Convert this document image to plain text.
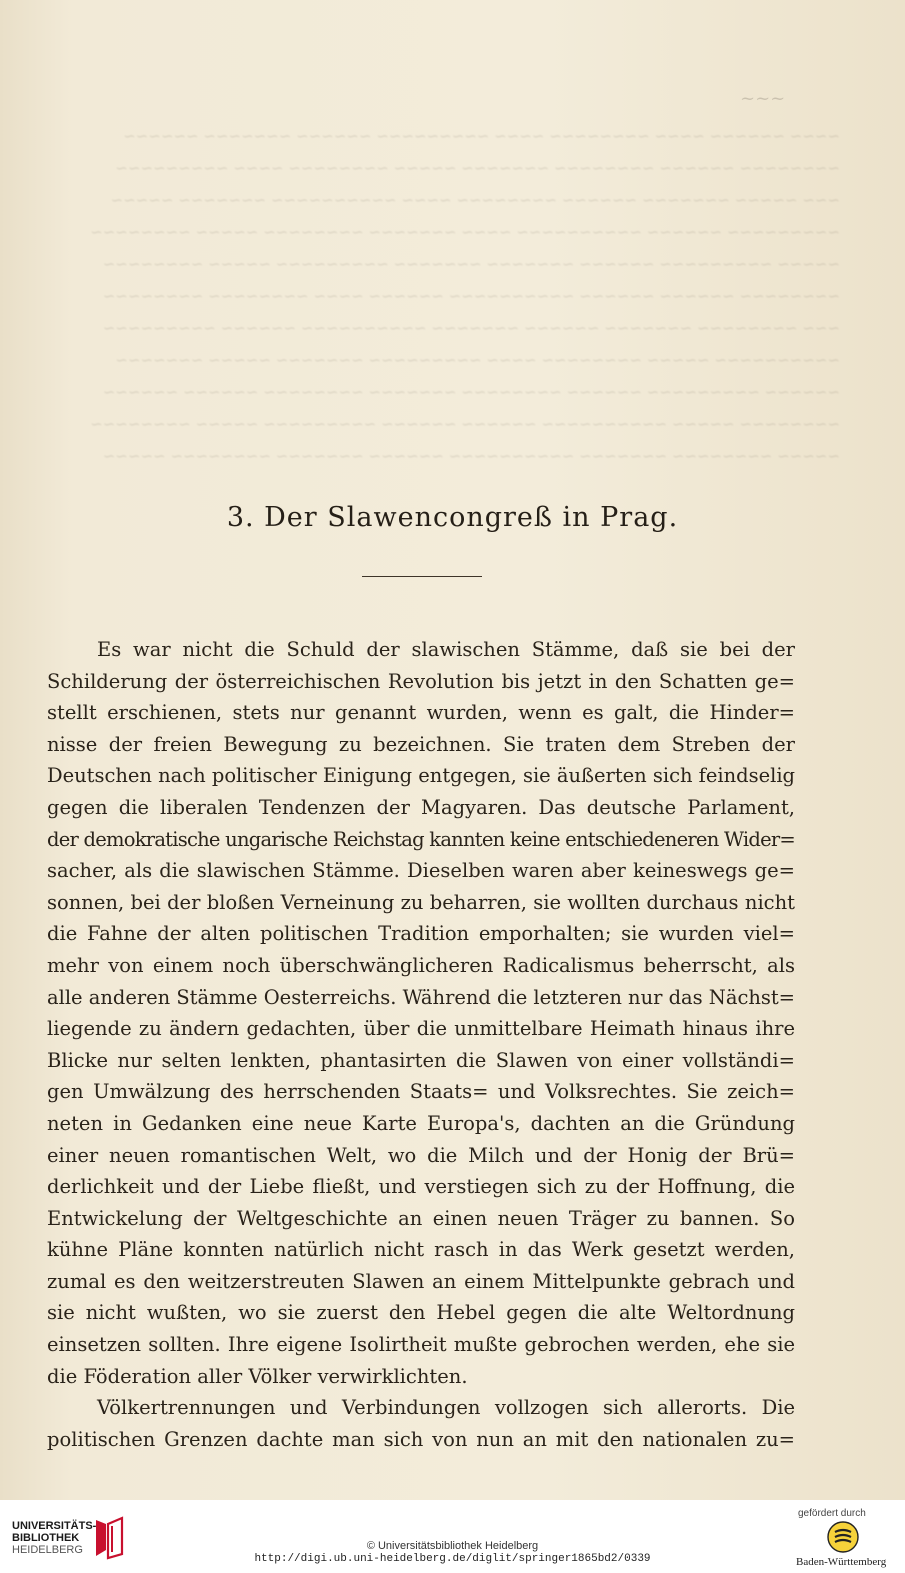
~~~~ ~~~~~~ ~~~~ ~~~~~~~~ ~~~~ ~~~~~~~~~ ~~~~~~ ~~~~~~~ ~~~~~~
~~~~~~~~ ~~~~~~ ~~~~~~~~ ~~~~~~~ ~~~~~ ~~~~~~~~ ~~~~ ~~~~~~~~~
~~~ ~~~~~ ~~~~~~~ ~~~~~~ ~~~~~~~~ ~~~~ ~~~~~~~~~~ ~~~~~~~ ~~~~~
~~~~~~~~~ ~~~~~~ ~~~~~~~~~~ ~~~~ ~~~~~~~ ~~~~~~~~ ~~~~~ ~~~~~~~~
~~~~~ ~~~~~~~~~ ~~~~~~ ~~~~~~~ ~~~~~~~ ~~~~~~~~~ ~~~~~ ~~~~~~~~
~~~~~~~~ ~~~~~~ ~~~~~~ ~~~~~~~~~~ ~~~~~~ ~~~~ ~~~~~~~~ ~~~~~~~~
~~~ ~~~~~~~~ ~~~~~~~ ~~~~~~ ~~~~~~~ ~~~~~~~~~~ ~~~~~~ ~~~~~~~~~
~~~~~~~~~~ ~~~~~ ~~~~~~~~ ~~~~ ~~~~~~~~~ ~~~~~~~ ~~~~~ ~~~~~~~
~~~~~~ ~~~~~~~~~ ~~~~~~ ~~~~~~~~ ~~~~~~~ ~~~~~~~~ ~~~~~~ ~~~~~~
~~~~~~~~ ~~~~~ ~~~~~~~~~~ ~~~~~~ ~~~~~~ ~~~~~~~~~ ~~~~~ ~~~~~~~~
~~~~~ ~~~~~~~~ ~~~~~~~ ~~~~~~~~~~ ~~~~~~ ~~~~~~~ ~~~~~~~~ ~~~~~
~~~
3. Der Slawencongreß in Prag.
Es war nicht die Schuld der slawischen Stämme, daß sie bei der
Schilderung der österreichischen Revolution bis jetzt in den Schatten ge=
stellt erschienen, stets nur genannt wurden, wenn es galt, die Hinder=
nisse der freien Bewegung zu bezeichnen. Sie traten dem Streben der
Deutschen nach politischer Einigung entgegen, sie äußerten sich feindselig
gegen die liberalen Tendenzen der Magyaren. Das deutsche Parlament,
der demokratische ungarische Reichstag kannten keine entschiedeneren Wider=
sacher, als die slawischen Stämme. Dieselben waren aber keineswegs ge=
sonnen, bei der bloßen Verneinung zu beharren, sie wollten durchaus nicht
die Fahne der alten politischen Tradition emporhalten; sie wurden viel=
mehr von einem noch überschwänglicheren Radicalismus beherrscht, als
alle anderen Stämme Oesterreichs. Während die letzteren nur das Nächst=
liegende zu ändern gedachten, über die unmittelbare Heimath hinaus ihre
Blicke nur selten lenkten, phantasirten die Slawen von einer vollständi=
gen Umwälzung des herrschenden Staats= und Volksrechtes. Sie zeich=
neten in Gedanken eine neue Karte Europa's, dachten an die Gründung
einer neuen romantischen Welt, wo die Milch und der Honig der Brü=
derlichkeit und der Liebe fließt, und verstiegen sich zu der Hoffnung, die
Entwickelung der Weltgeschichte an einen neuen Träger zu bannen. So
kühne Pläne konnten natürlich nicht rasch in das Werk gesetzt werden,
zumal es den weitzerstreuten Slawen an einem Mittelpunkte gebrach und
sie nicht wußten, wo sie zuerst den Hebel gegen die alte Weltordnung
einsetzen sollten. Ihre eigene Isolirtheit mußte gebrochen werden, ehe sie
die Föderation aller Völker verwirklichten.
Völkertrennungen und Verbindungen vollzogen sich allerorts. Die
politischen Grenzen dachte man sich von nun an mit den nationalen zu=
UNIVERSITÄTS-
BIBLIOTHEK
HEIDELBERG	© Universitätsbibliothek Heidelberg
http://digi.ub.uni-heidelberg.de/diglit/springer1865bd2/0339
gefördert durch
Baden-Württemberg
